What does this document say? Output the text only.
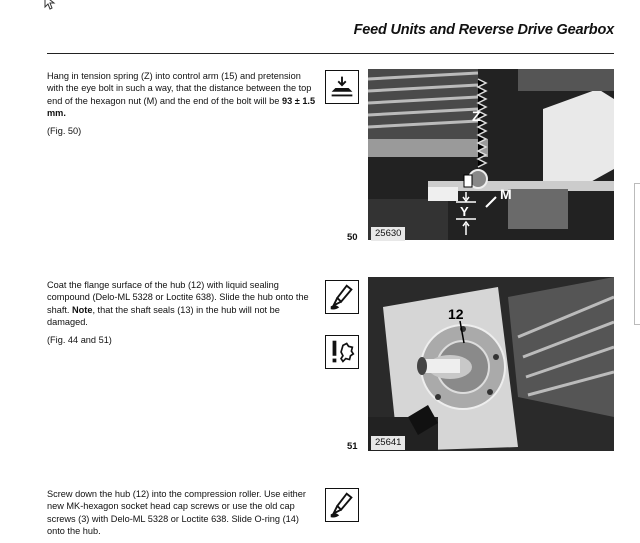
Feed Units and Reverse Drive Gearbox

Hang in tension spring (Z) into control arm (15) and pretension with the eye bolt in such a way, that the distance between the top end of the hexagon nut (M) and the end of the bolt will be 93 ± 1.5 mm.

(Fig. 50)

Z
M
Y
50	25630

Coat the flange surface of the hub (12) with liquid sealing compound (Delo-ML 5328 or Loctite 638). Slide the hub onto the shaft. Note, that the shaft seals (13) in the hub will not be damaged.

(Fig. 44 and 51)

12
51	25641

Screw down the hub (12) into the compression roller. Use either new MK-hexagon socket head cap screws or use the old cap screws (3) with Delo-ML 5328 or Loctite 638. Slide O-ring (14) onto the hub.
